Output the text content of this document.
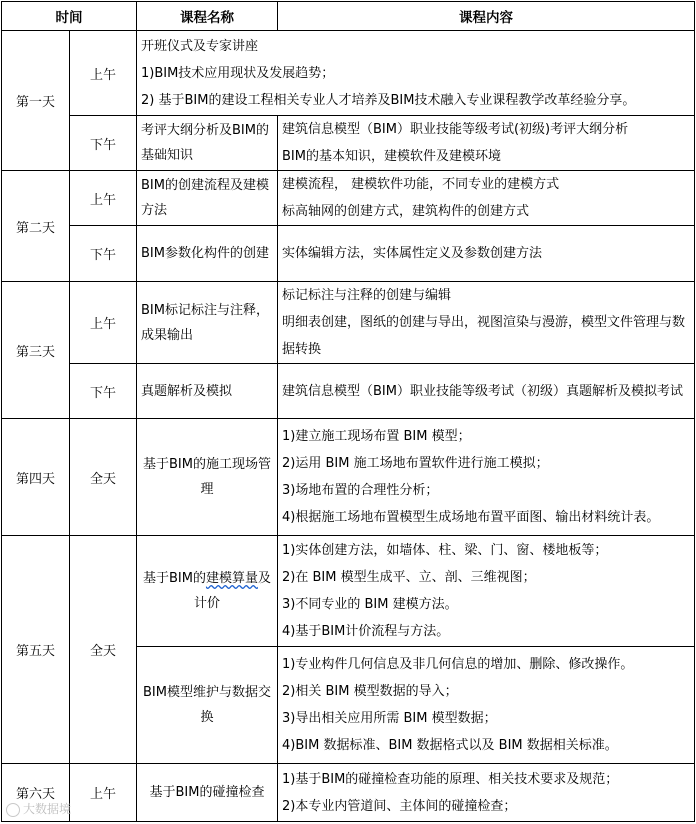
时间		课程名称	课程内容
第一天	上午	开班仪式及专家讲座
1)BIM技术应用现状及发展趋势；
2) 基于BIM的建设工程相关专业人才培养及BIM技术融入专业课程教学改革经验分享。	

	下午	考评大纲分析及BIM的基础知识	建筑信息模型（BIM）职业技能等级考试(初级)考评大纲分析
BIM的基本知识，建模软件及建模环境

第二天	上午	BIM的创建流程及建模方法	建模流程， 建模软件功能，不同专业的建模方式
标高轴网的创建方式，建筑构件的创建方式

	下午	BIM参数化构件的创建	实体编辑方法，实体属性定义及参数创建方法

第三天	上午	BIM标记标注与注释，成果输出	标记标注与注释的创建与编辑
明细表创建，图纸的创建与导出，视图渲染与漫游，模型文件管理与数据转换

	下午	真题解析及模拟	建筑信息模型（BIM）职业技能等级考试（初级）真题解析及模拟考试

第四天	全天	基于BIM的施工现场管理	1)建立施工现场布置 BIM 模型；
2)运用 BIM 施工场地布置软件进行施工模拟；
3)场地布置的合理性分析；
4)根据施工场地布置模型生成场地布置平面图、输出材料统计表。

第五天	全天	基于BIM的建模算量及计价	1)实体创建方法，如墙体、柱、梁、门、窗、楼地板等；
2)在 BIM 模型生成平、立、剖、三维视图；
3)不同专业的 BIM 建模方法。
4)基于BIM计价流程与方法。

		BIM模型维护与数据交换	1)专业构件几何信息及非几何信息的增加、删除、修改操作。
2)相关 BIM 模型数据的导入；
3)导出相关应用所需 BIM 模型数据；
4)BIM 数据标准、BIM 数据格式以及 BIM 数据相关标准。

第六天	上午	基于BIM的碰撞检查	1)基于BIM的碰撞检查功能的原理、相关技术要求及规范；
2)本专业内管道间、主体间的碰撞检查；
大数据境
